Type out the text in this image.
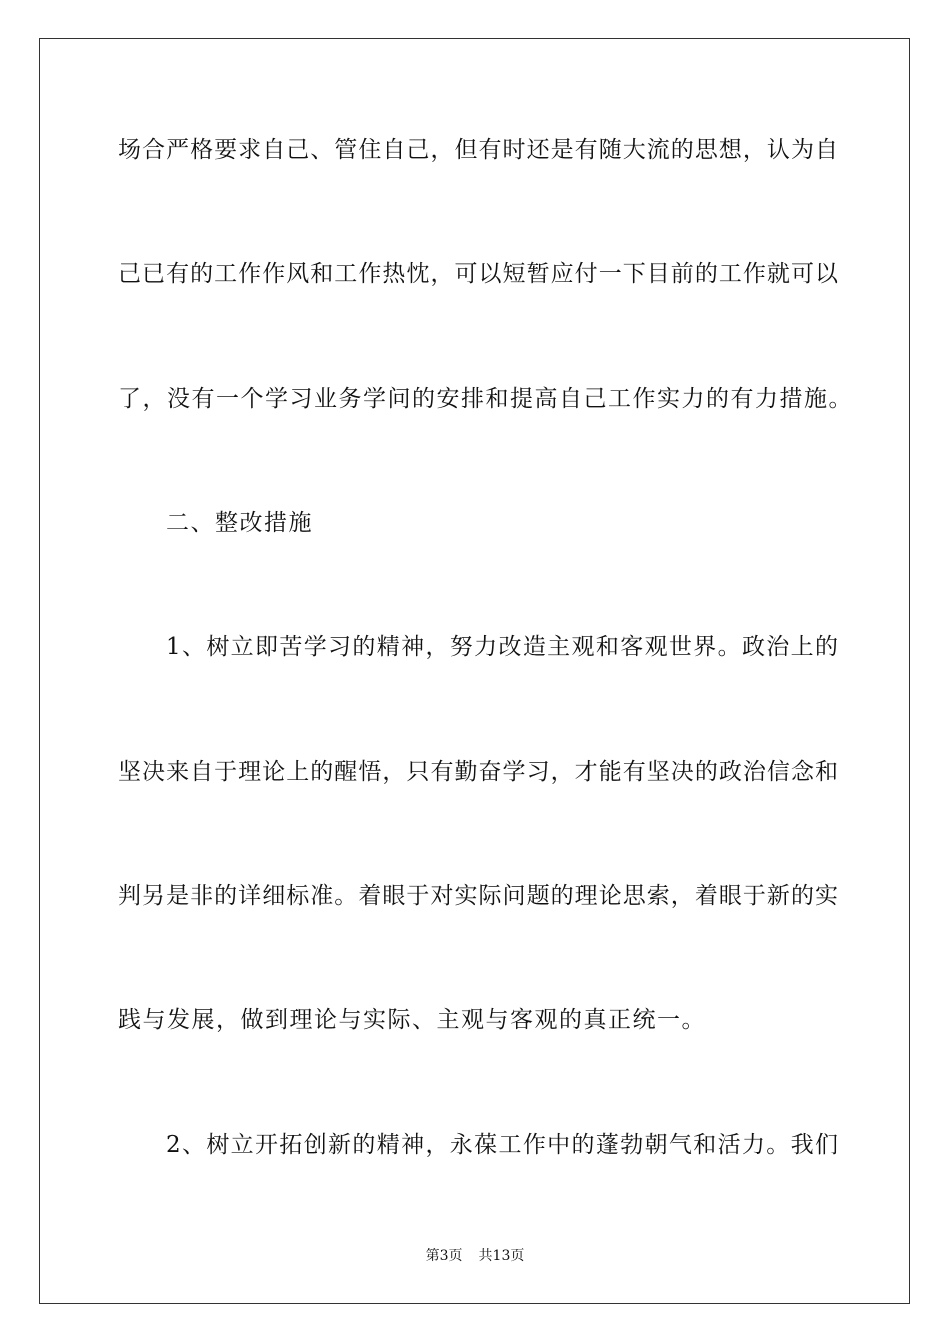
场合严格要求自己、管住自己，但有时还是有随大流的思想，认为自

己已有的工作作风和工作热忱，可以短暂应付一下目前的工作就可以

了，没有一个学习业务学问的安排和提高自己工作实力的有力措施。

二、整改措施

1、树立即苦学习的精神，努力改造主观和客观世界。政治上的

坚决来自于理论上的醒悟，只有勤奋学习，才能有坚决的政治信念和

判另是非的详细标准。着眼于对实际问题的理论思索，着眼于新的实

践与发展，做到理论与实际、主观与客观的真正统一。

2、树立开拓创新的精神，永葆工作中的蓬勃朝气和活力。我们

第3页 共13页
